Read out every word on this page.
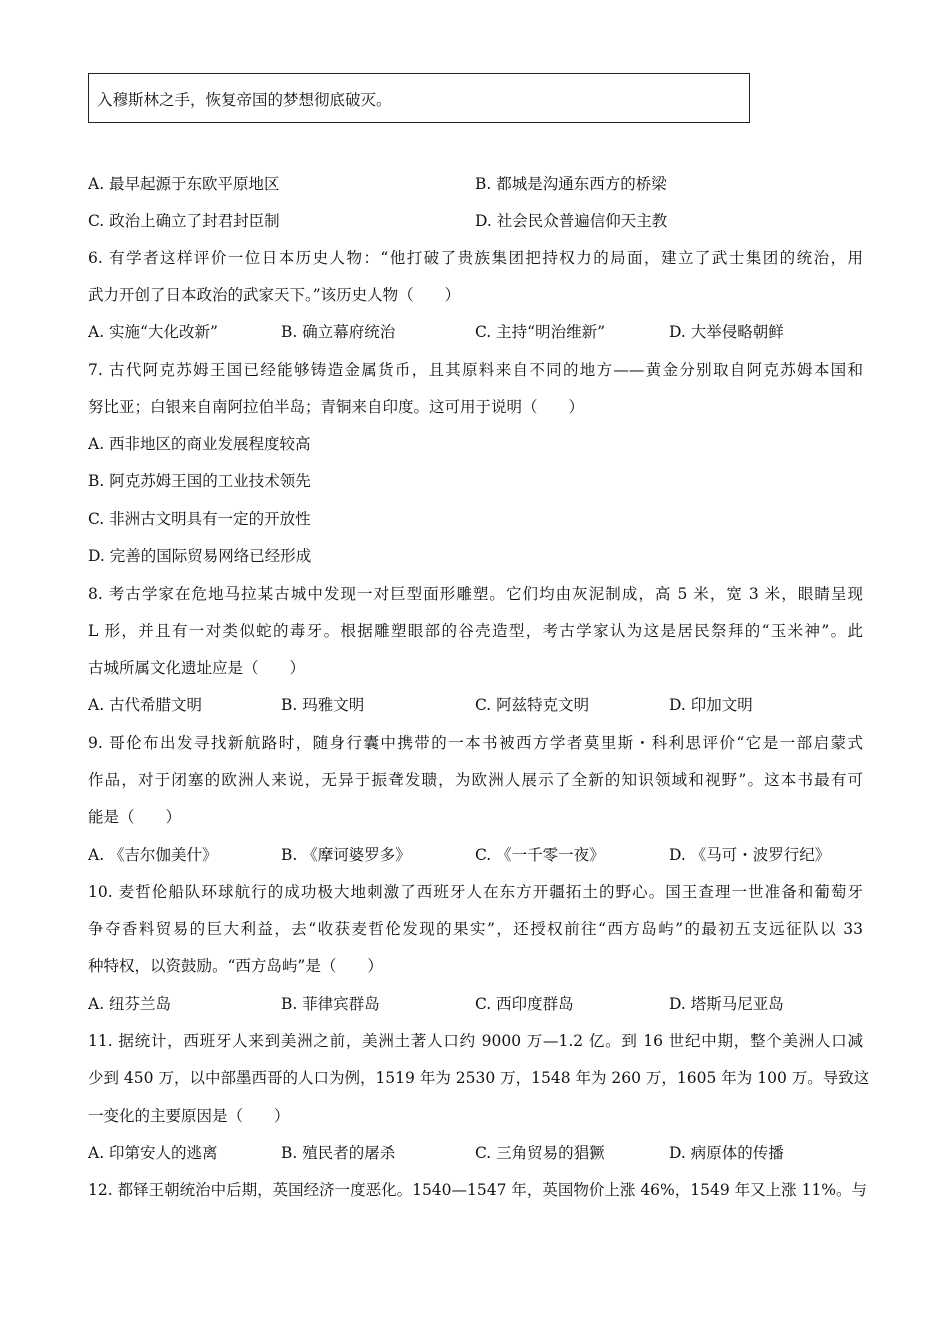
入穆斯林之手，恢复帝国的梦想彻底破灭。
A. 最早起源于东欧平原地区	B. 都城是沟通东西方的桥梁
C. 政治上确立了封君封臣制	D. 社会民众普遍信仰天主教
6. 有学者这样评价一位日本历史人物：“他打破了贵族集团把持权力的局面，建立了武士集团的统治，用
武力开创了日本政治的武家天下。”该历史人物（　　）
A. 实施“大化改新”	B. 确立幕府统治	C. 主持“明治维新”	D. 大举侵略朝鲜
7. 古代阿克苏姆王国已经能够铸造金属货币，且其原料来自不同的地方——黄金分别取自阿克苏姆本国和
努比亚；白银来自南阿拉伯半岛；青铜来自印度。这可用于说明（　　）
A. 西非地区的商业发展程度较高
B. 阿克苏姆王国的工业技术领先
C. 非洲古文明具有一定的开放性
D. 完善的国际贸易网络已经形成
8. 考古学家在危地马拉某古城中发现一对巨型面形雕塑。它们均由灰泥制成，高 5 米，宽 3 米，眼睛呈现
L 形，并且有一对类似蛇的毒牙。根据雕塑眼部的谷壳造型，考古学家认为这是居民祭拜的“玉米神”。此
古城所属文化遗址应是（　　）
A. 古代希腊文明	B. 玛雅文明	C. 阿兹特克文明	D. 印加文明
9. 哥伦布出发寻找新航路时，随身行囊中携带的一本书被西方学者莫里斯・科利思评价“它是一部启蒙式
作品，对于闭塞的欧洲人来说，无异于振聋发聩，为欧洲人展示了全新的知识领域和视野”。这本书最有可
能是（　　）
A. 《吉尔伽美什》	B. 《摩诃婆罗多》	C. 《一千零一夜》	D. 《马可・波罗行纪》
10. 麦哲伦船队环球航行的成功极大地刺激了西班牙人在东方开疆拓土的野心。国王查理一世准备和葡萄牙
争夺香料贸易的巨大利益，去“收获麦哲伦发现的果实”，还授权前往“西方岛屿”的最初五支远征队以 33
种特权，以资鼓励。“西方岛屿”是（　　）
A. 纽芬兰岛	B. 菲律宾群岛	C. 西印度群岛	D. 塔斯马尼亚岛
11. 据统计，西班牙人来到美洲之前，美洲土著人口约 9000 万—1.2 亿。到 16 世纪中期，整个美洲人口减
少到 450 万，以中部墨西哥的人口为例，1519 年为 2530 万，1548 年为 260 万，1605 年为 100 万。导致这
一变化的主要原因是（　　）
A. 印第安人的逃离	B. 殖民者的屠杀	C. 三角贸易的猖獗	D. 病原体的传播
12. 都铎王朝统治中后期，英国经济一度恶化。1540—1547 年，英国物价上涨 46%，1549 年又上涨 11%。与
